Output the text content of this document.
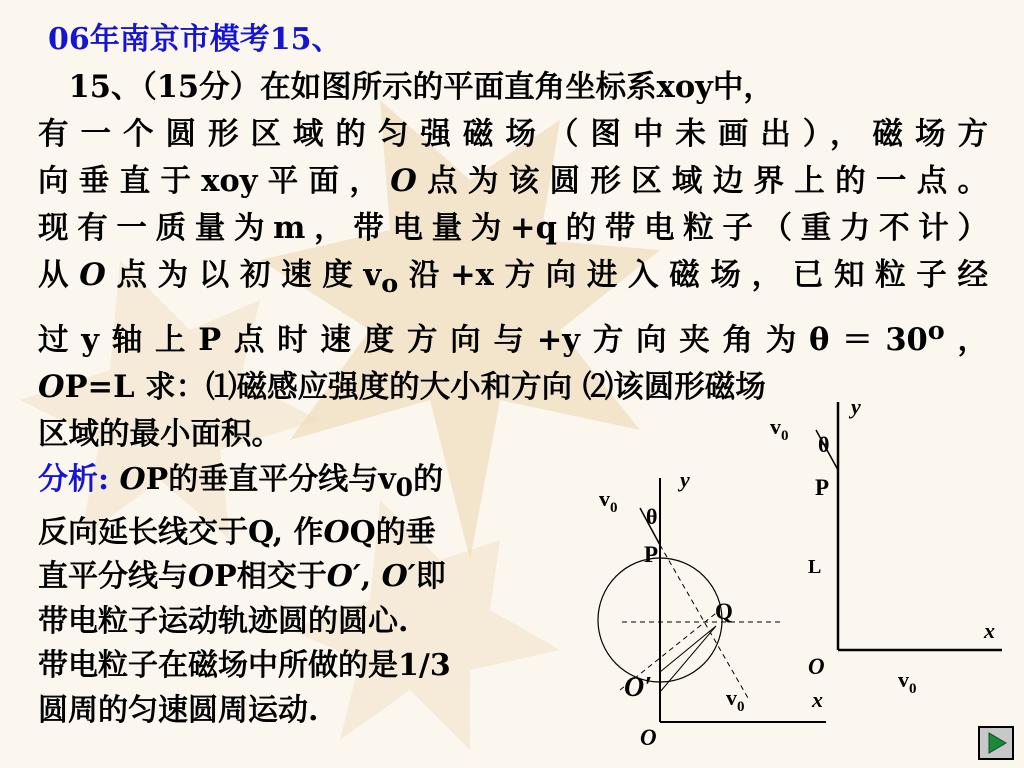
06年南京市模考15、
 15、（15分）在如图所示的平面直角坐标系xoy中，
有一个圆形区域的匀强磁场（图中未画出），磁场方
向垂直于xoy平面，O点为该圆形区域边界上的一点。
现有一质量为m，带电量为+q的带电粒子（重力不计）
从O点为以初速度$v_o$沿+x方向进入磁场，已知粒子经
过y轴上P点时速度方向与+y方向夹角为$\theta=30^o$，
OP=L 求：⑴磁感应强度的大小和方向 ⑵该圆形磁场
区域的最小面积。
分析: OP的垂直平分线与$v_0$的
反向延长线交于Q, 作OQ的垂
直平分线与OP相交于O′, O′即
带电粒子运动轨迹圆的圆心.
带电粒子在磁场中所做的是1/3
圆周的匀速圆周运动.
y
x
O
$v_0$ θ
P
Q
O′	$v_0$
y
x
O
$v_0$ θ
P
L
$v_0$
